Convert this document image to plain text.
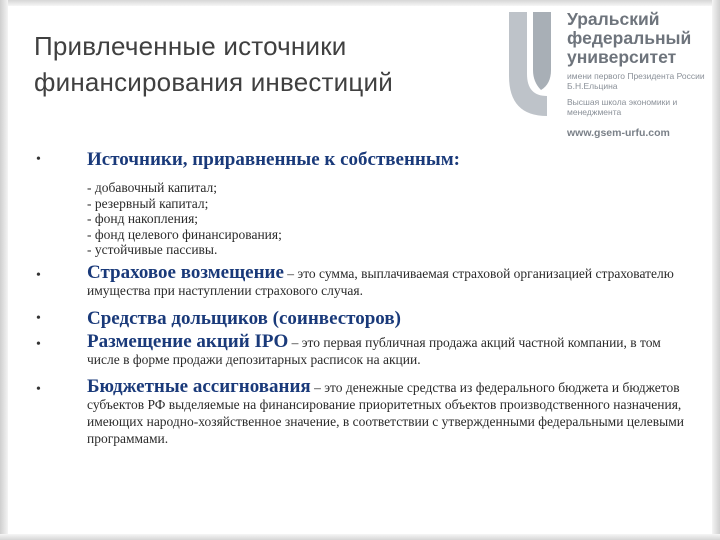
Привлеченные источники финансирования инвестиций
Уральский
федеральный
университет
имени первого Президента России Б.Н.Ельцина
Высшая школа экономики и менеджмента
www.gsem-urfu.com
• Источники, приравненные к собственным:
- добавочный капитал;
- резервный капитал;
- фонд накопления;
- фонд целевого финансирования;
- устойчивые пассивы.
• Страховое возмещение – это сумма, выплачиваемая страховой организацией страхователю имущества при наступлении страхового случая.
• Средства дольщиков (соинвесторов)
• Размещение акций IPO – это первая публичная продажа акций частной компании, в том числе в форме продажи депозитарных расписок на акции.
• Бюджетные ассигнования – это денежные средства из федерального бюджета и бюджетов субъектов РФ выделяемые на финансирование приоритетных объектов производственного назначения, имеющих народно-хозяйственное значение, в соответствии с утвержденными федеральными целевыми программами.
